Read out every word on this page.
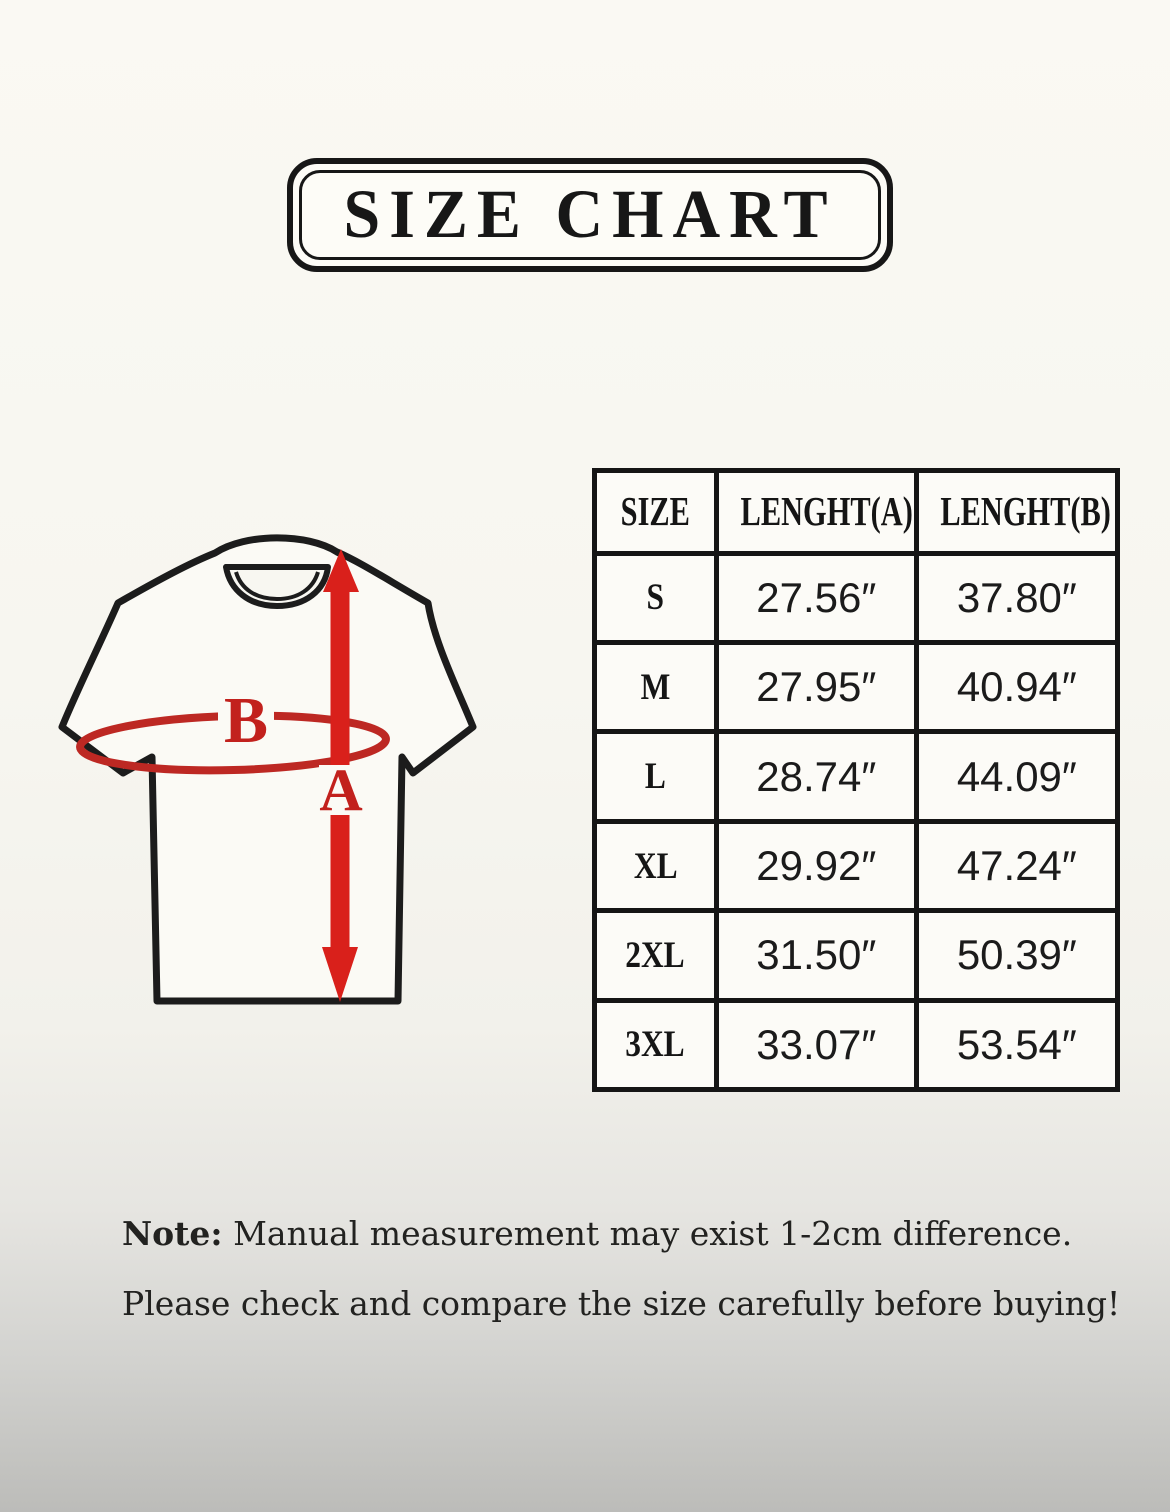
SIZE CHART
B
A
SIZE	LENGHT(A)	LENGHT(B)
S	27.56″	37.80″
M	27.95″	40.94″
L	28.74″	44.09″
XL	29.92″	47.24″
2XL	31.50″	50.39″
3XL	33.07″	53.54″
Note: Manual measurement may exist 1-2cm difference.
Please check and compare the size carefully before buying!
